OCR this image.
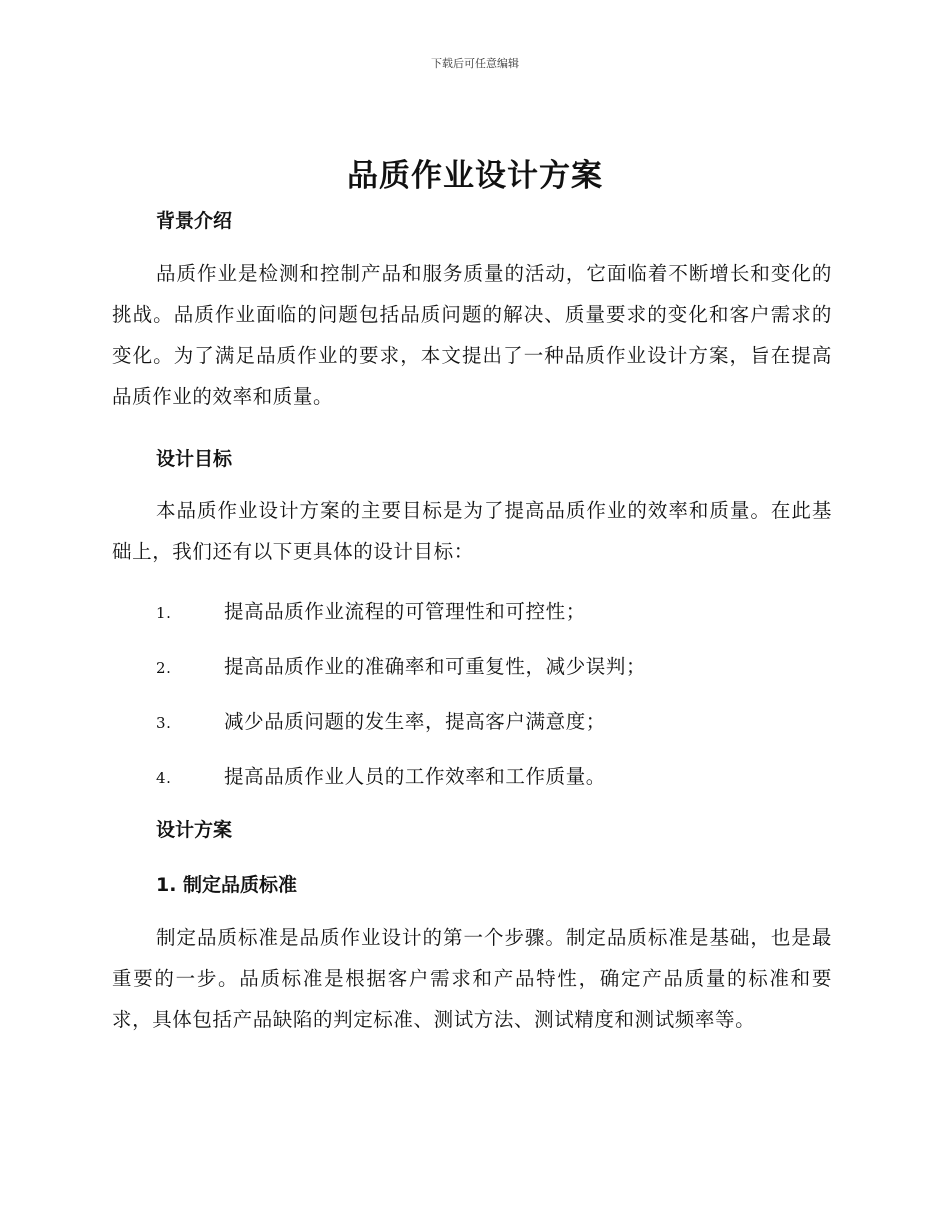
下载后可任意编辑
品质作业设计方案
背景介绍
品质作业是检测和控制产品和服务质量的活动，它面临着不断增长和变化的挑战。品质作业面临的问题包括品质问题的解决、质量要求的变化和客户需求的变化。为了满足品质作业的要求，本文提出了一种品质作业设计方案，旨在提高品质作业的效率和质量。
设计目标
本品质作业设计方案的主要目标是为了提高品质作业的效率和质量。在此基础上，我们还有以下更具体的设计目标：
1.	提高品质作业流程的可管理性和可控性；
2.	提高品质作业的准确率和可重复性，减少误判；
3.	减少品质问题的发生率，提高客户满意度；
4.	提高品质作业人员的工作效率和工作质量。
设计方案
1. 制定品质标准
制定品质标准是品质作业设计的第一个步骤。制定品质标准是基础，也是最重要的一步。品质标准是根据客户需求和产品特性，确定产品质量的标准和要求，具体包括产品缺陷的判定标准、测试方法、测试精度和测试频率等。
